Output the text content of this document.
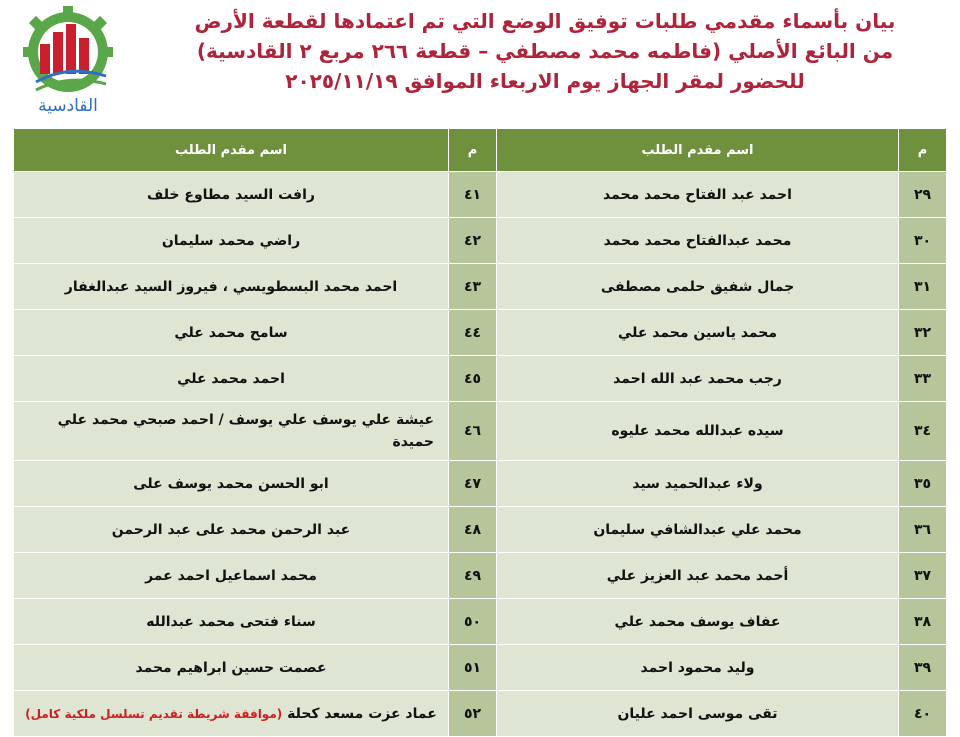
القادسية
بيان بأسماء مقدمي طلبات توفيق الوضع التي تم اعتمادها لقطعة الأرض
من البائع الأصلي (فاطمه محمد مصطفي – قطعة ٢٦٦ مربع ٢ القادسية)
للحضور لمقر الجهاز يوم الاربعاء الموافق ٢٠٢٥/١١/١٩
م	اسم مقدم الطلب	م	اسم مقدم الطلب
٢٩	احمد عبد الفتاح محمد محمد	٤١	رافت السيد مطاوع خلف
٣٠	محمد عبدالفتاح محمد محمد	٤٢	راضي محمد سليمان
٣١	جمال شفيق حلمى مصطفى	٤٣	احمد محمد البسطويسي ، فيروز السيد عبدالغفار
٣٢	محمد ياسين محمد علي	٤٤	سامح محمد علي
٣٣	رجب محمد عبد الله احمد	٤٥	احمد محمد علي
٣٤	سيده عبدالله محمد عليوه	٤٦	عيشة علي يوسف علي يوسف / احمد صبحي محمد علي حميدة
٣٥	ولاء عبدالحميد سيد	٤٧	ابو الحسن محمد يوسف على
٣٦	محمد علي عبدالشافي سليمان	٤٨	عبد الرحمن محمد على عبد الرحمن
٣٧	أحمد محمد عبد العزيز علي	٤٩	محمد اسماعيل احمد عمر
٣٨	عفاف يوسف محمد علي	٥٠	سناء فتحى محمد عبدالله
٣٩	وليد محمود احمد	٥١	عصمت حسين ابراهيم محمد
٤٠	تقى موسى احمد عليان	٥٢	عماد عزت مسعد كحلة (موافقة شريطة تقديم تسلسل ملكية كامل)
